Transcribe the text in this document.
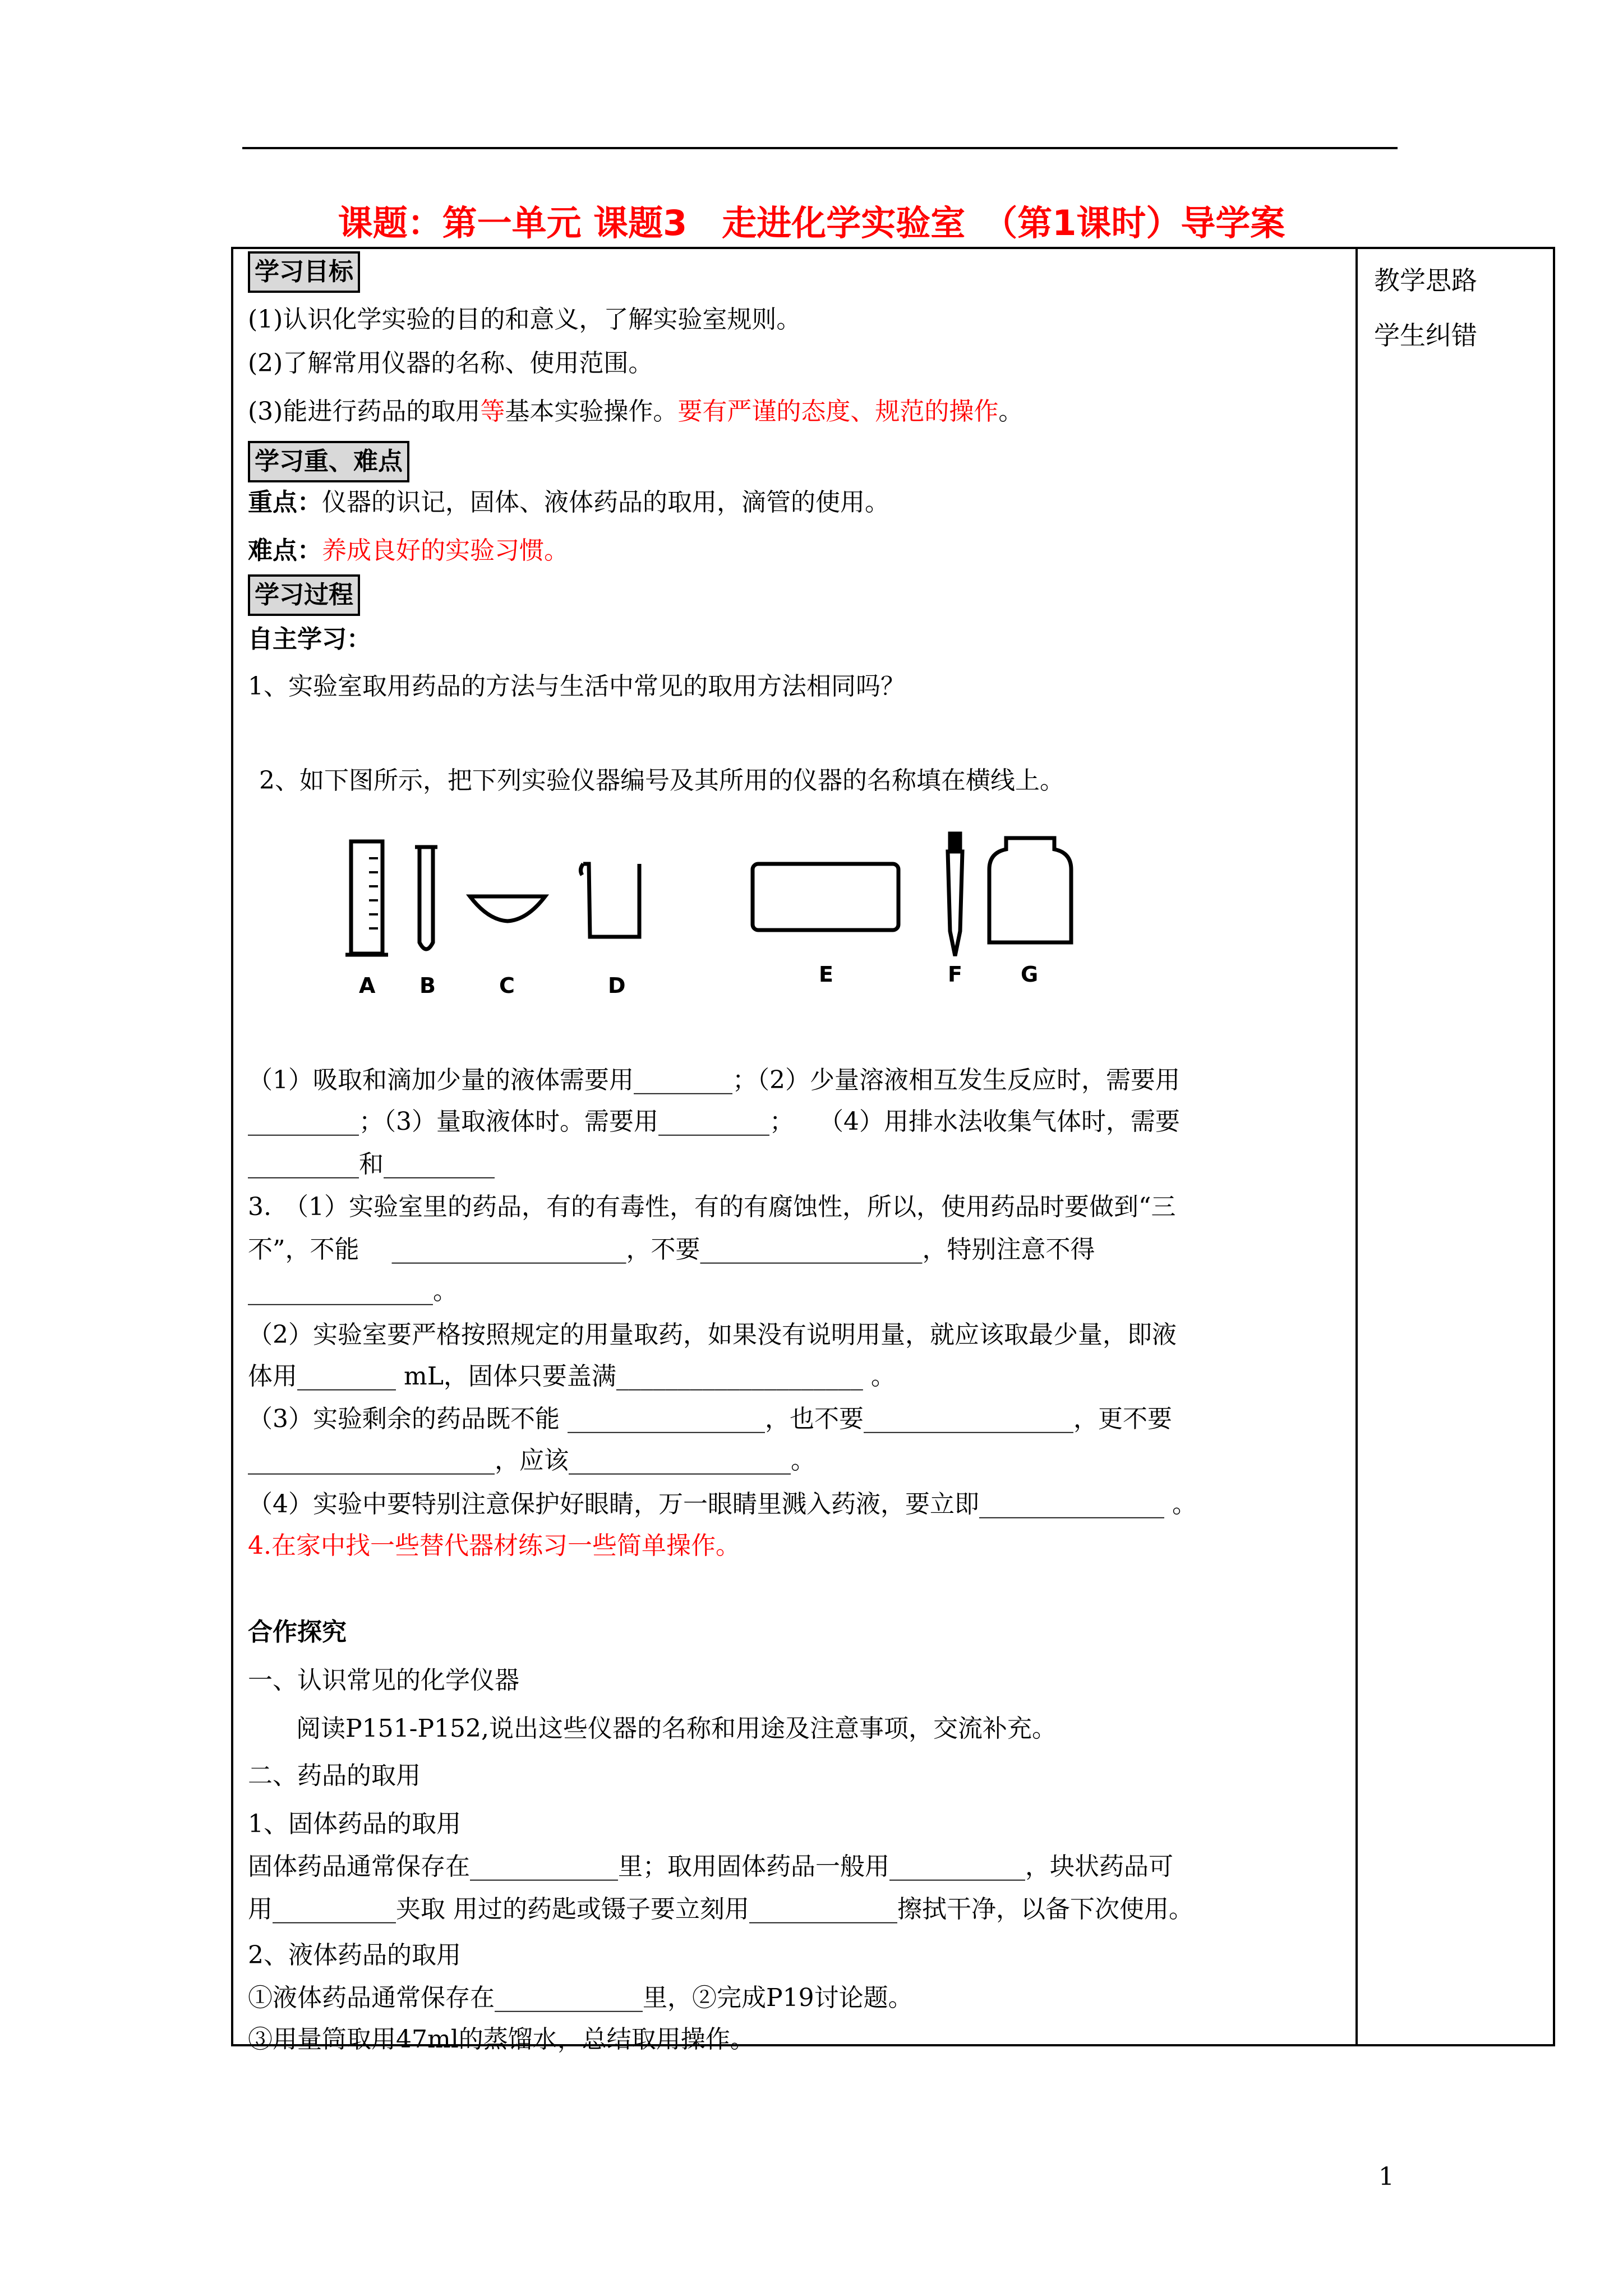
课题：第一单元 课题3　走进化学实验室　（第1课时）导学案
教学思路
学生纠错
学习目标
(1)认识化学实验的目的和意义，了解实验室规则。
(2)了解常用仪器的名称、使用范围。
(3)能进行药品的取用等基本实验操作。要有严谨的态度、规范的操作。
学习重、难点
重点：仪器的识记，固体、液体药品的取用，滴管的使用。
难点：养成良好的实验习惯。
学习过程
自主学习：
1、实验室取用药品的方法与生活中常见的取用方法相同吗？
2、如下图所示，把下列实验仪器编号及其所用的仪器的名称填在横线上。
A B	C	D	E	F	G
（1）吸取和滴加少量的液体需要用________；（2）少量溶液相互发生反应时，需要用
_________；（3）量取液体时。需要用_________；　　（4）用排水法收集气体时，需要
_________和_________
3.　（1）实验室里的药品，有的有毒性，有的有腐蚀性，所以，使用药品时要做到“三
不”，不能　 ___________________，不要__________________，特别注意不得
_______________。
（2）实验室要严格按照规定的用量取药，如果没有说明用量，就应该取最少量，即液
体用________ mL，固体只要盖满____________________ 。
（3）实验剩余的药品既不能 ________________，也不要_________________，更不要
____________________，应该__________________。
（4）实验中要特别注意保护好眼睛，万一眼睛里溅入药液，要立即_______________ 。
4.在家中找一些替代器材练习一些简单操作。
合作探究
一、认识常见的化学仪器
阅读P151-P152,说出这些仪器的名称和用途及注意事项，交流补充。
二、药品的取用
1、固体药品的取用
固体药品通常保存在____________里；取用固体药品一般用___________，块状药品可
用__________夹取 用过的药匙或镊子要立刻用____________擦拭干净，以备下次使用。
2、液体药品的取用
①液体药品通常保存在____________里，②完成P19讨论题。
③用量筒取用47ml的蒸馏水，总结取用操作。
1
